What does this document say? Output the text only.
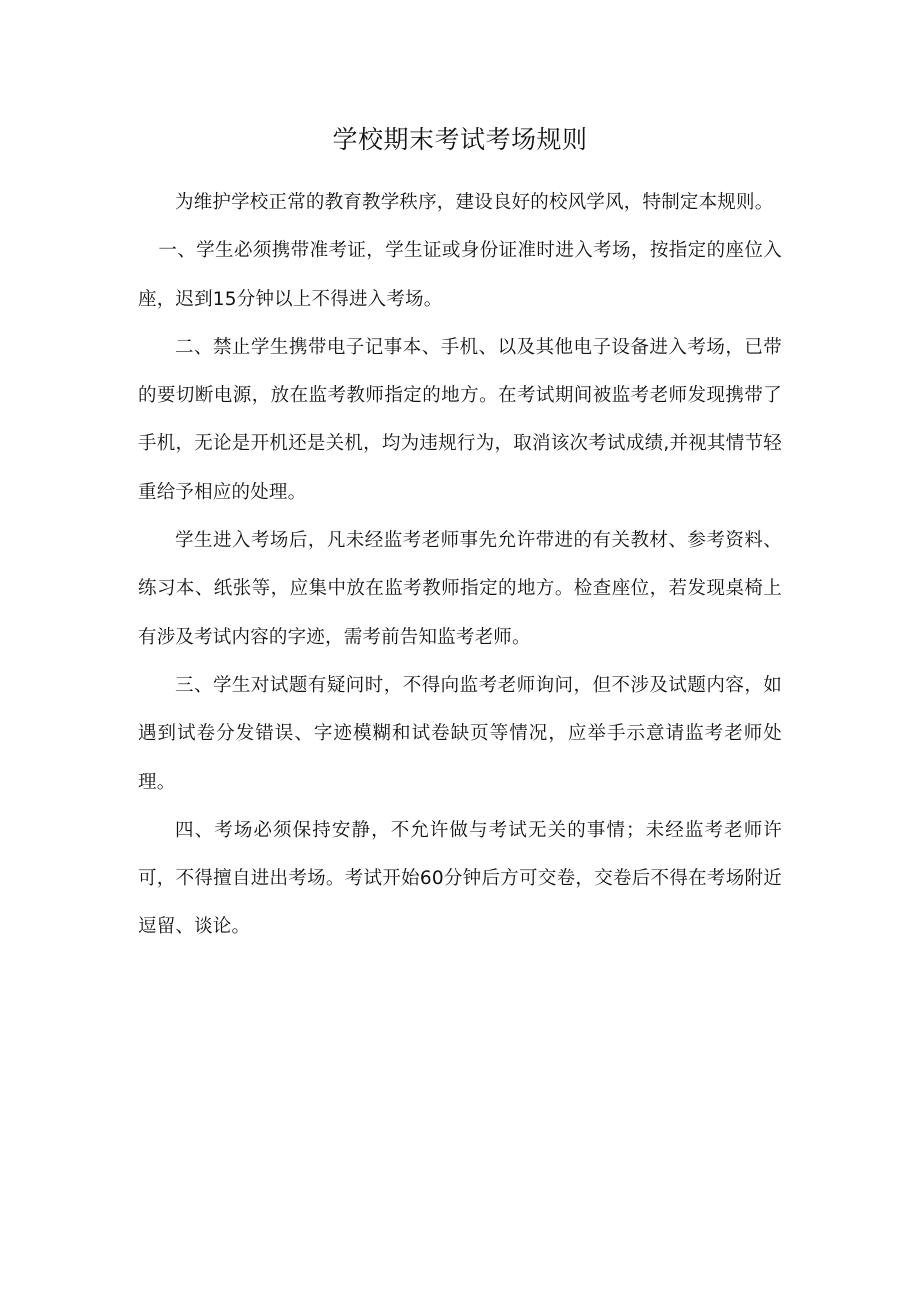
学校期末考试考场规则

为维护学校正常的教育教学秩序，建设良好的校风学风，特制定本规则。

一、学生必须携带准考证，学生证或身份证准时进入考场，按指定的座位入座，迟到15分钟以上不得进入考场。

二、禁止学生携带电子记事本、手机、以及其他电子设备进入考场，已带的要切断电源，放在监考教师指定的地方。在考试期间被监考老师发现携带了手机，无论是开机还是关机，均为违规行为，取消该次考试成绩,并视其情节轻重给予相应的处理。

学生进入考场后，凡未经监考老师事先允许带进的有关教材、参考资料、练习本、纸张等，应集中放在监考教师指定的地方。检查座位，若发现桌椅上有涉及考试内容的字迹，需考前告知监考老师。

三、学生对试题有疑问时，不得向监考老师询问，但不涉及试题内容，如遇到试卷分发错误、字迹模糊和试卷缺页等情况，应举手示意请监考老师处理。

四、考场必须保持安静，不允许做与考试无关的事情；未经监考老师许可，不得擅自进出考场。考试开始60分钟后方可交卷，交卷后不得在考场附近逗留、谈论。
